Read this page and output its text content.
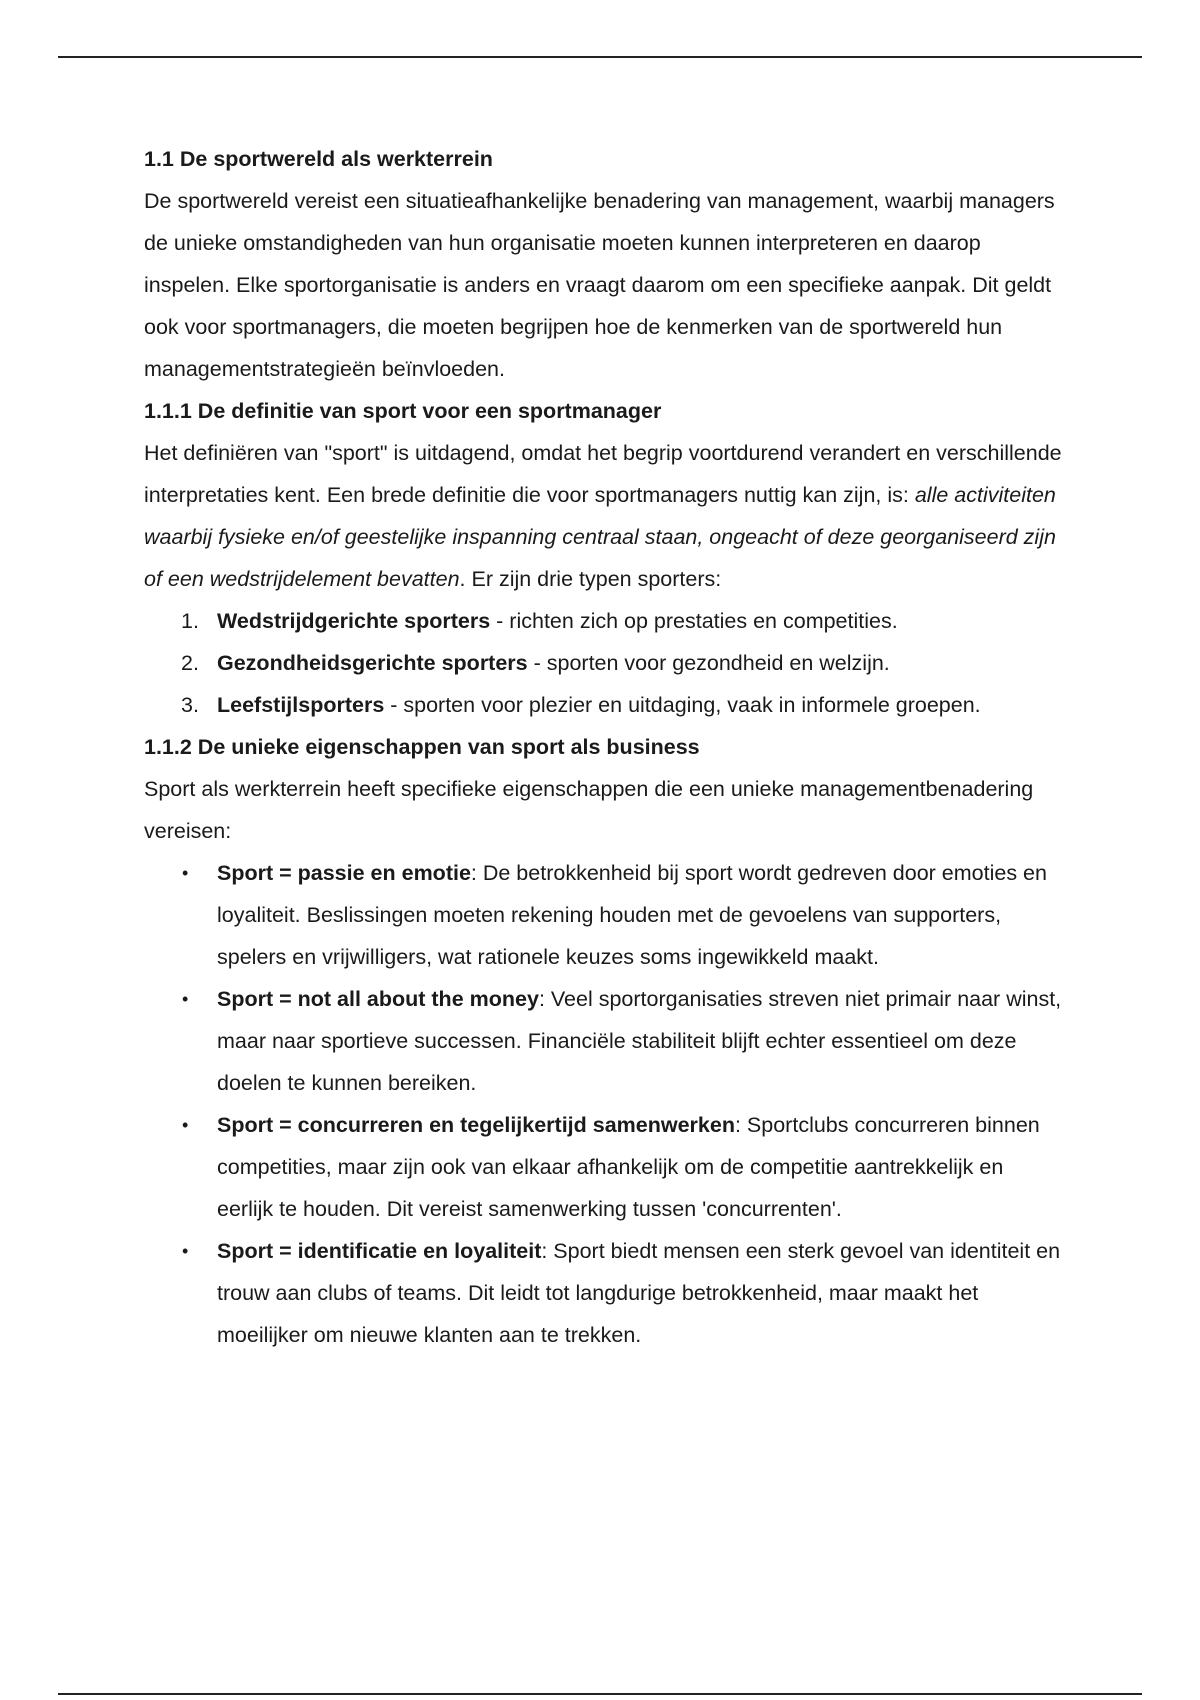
1.1 De sportwereld als werkterrein

De sportwereld vereist een situatieafhankelijke benadering van management, waarbij managers de unieke omstandigheden van hun organisatie moeten kunnen interpreteren en daarop inspelen. Elke sportorganisatie is anders en vraagt daarom om een specifieke aanpak. Dit geldt ook voor sportmanagers, die moeten begrijpen hoe de kenmerken van de sportwereld hun managementstrategieën beïnvloeden.

1.1.1 De definitie van sport voor een sportmanager

Het definiëren van "sport" is uitdagend, omdat het begrip voortdurend verandert en verschillende interpretaties kent. Een brede definitie die voor sportmanagers nuttig kan zijn, is: alle activiteiten waarbij fysieke en/of geestelijke inspanning centraal staan, ongeacht of deze georganiseerd zijn of een wedstrijdelement bevatten. Er zijn drie typen sporters:

1. Wedstrijdgerichte sporters - richten zich op prestaties en competities.
2. Gezondheidsgerichte sporters - sporten voor gezondheid en welzijn.
3. Leefstijlsporters - sporten voor plezier en uitdaging, vaak in informele groepen.
1.1.2 De unieke eigenschappen van sport als business

Sport als werkterrein heeft specifieke eigenschappen die een unieke managementbenadering vereisen:

• Sport = passie en emotie: De betrokkenheid bij sport wordt gedreven door emoties en loyaliteit. Beslissingen moeten rekening houden met de gevoelens van supporters, spelers en vrijwilligers, wat rationele keuzes soms ingewikkeld maakt.
• Sport = not all about the money: Veel sportorganisaties streven niet primair naar winst, maar naar sportieve successen. Financiële stabiliteit blijft echter essentieel om deze doelen te kunnen bereiken.
• Sport = concurreren en tegelijkertijd samenwerken: Sportclubs concurreren binnen competities, maar zijn ook van elkaar afhankelijk om de competitie aantrekkelijk en eerlijk te houden. Dit vereist samenwerking tussen 'concurrenten'.
• Sport = identificatie en loyaliteit: Sport biedt mensen een sterk gevoel van identiteit en trouw aan clubs of teams. Dit leidt tot langdurige betrokkenheid, maar maakt het moeilijker om nieuwe klanten aan te trekken.
